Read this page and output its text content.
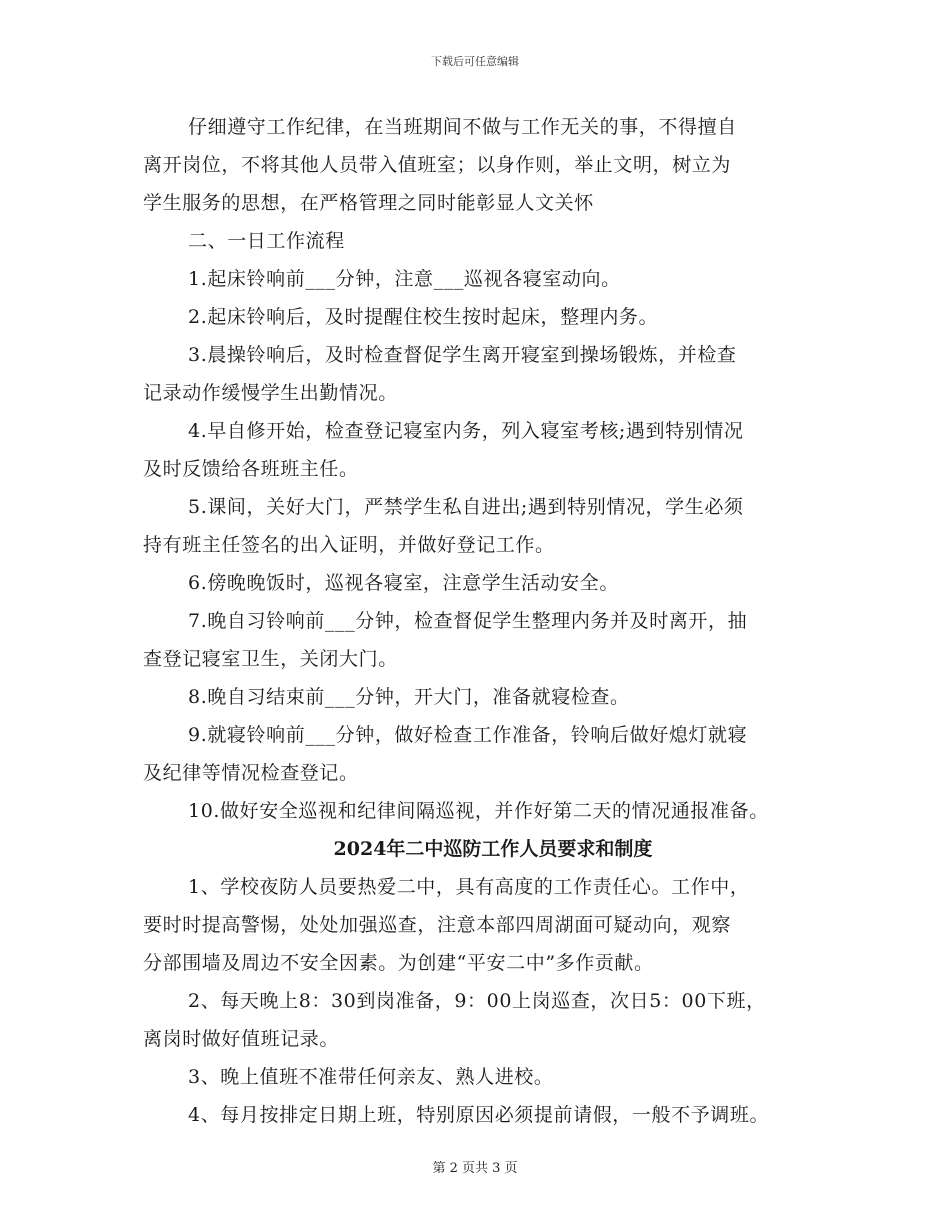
下载后可任意编辑
仔细遵守工作纪律，在当班期间不做与工作无关的事，不得擅自
离开岗位，不将其他人员带入值班室；以身作则，举止文明，树立为
学生服务的思想，在严格管理之同时能彰显人文关怀
二、一日工作流程
1.起床铃响前___分钟，注意___巡视各寝室动向。
2.起床铃响后，及时提醒住校生按时起床，整理内务。
3.晨操铃响后，及时检查督促学生离开寝室到操场锻炼，并检查
记录动作缓慢学生出勤情况。
4.早自修开始，检查登记寝室内务，列入寝室考核;遇到特别情况
及时反馈给各班班主任。
5.课间，关好大门，严禁学生私自进出;遇到特别情况，学生必须
持有班主任签名的出入证明，并做好登记工作。
6.傍晚晚饭时，巡视各寝室，注意学生活动安全。
7.晚自习铃响前___分钟，检查督促学生整理内务并及时离开，抽
查登记寝室卫生，关闭大门。
8.晚自习结束前___分钟，开大门，准备就寝检查。
9.就寝铃响前___分钟，做好检查工作准备，铃响后做好熄灯就寝
及纪律等情况检查登记。
10.做好安全巡视和纪律间隔巡视，并作好第二天的情况通报准备。
2024年二中巡防工作人员要求和制度
1、学校夜防人员要热爱二中，具有高度的工作责任心。工作中，
要时时提高警惕，处处加强巡查，注意本部四周湖面可疑动向，观察
分部围墙及周边不安全因素。为创建“平安二中”多作贡献。
2、每天晚上8：30到岗准备，9：00上岗巡查，次日5：00下班，
离岗时做好值班记录。
3、晚上值班不准带任何亲友、熟人进校。
4、每月按排定日期上班，特别原因必须提前请假，一般不予调班。
第 2 页共 3 页
